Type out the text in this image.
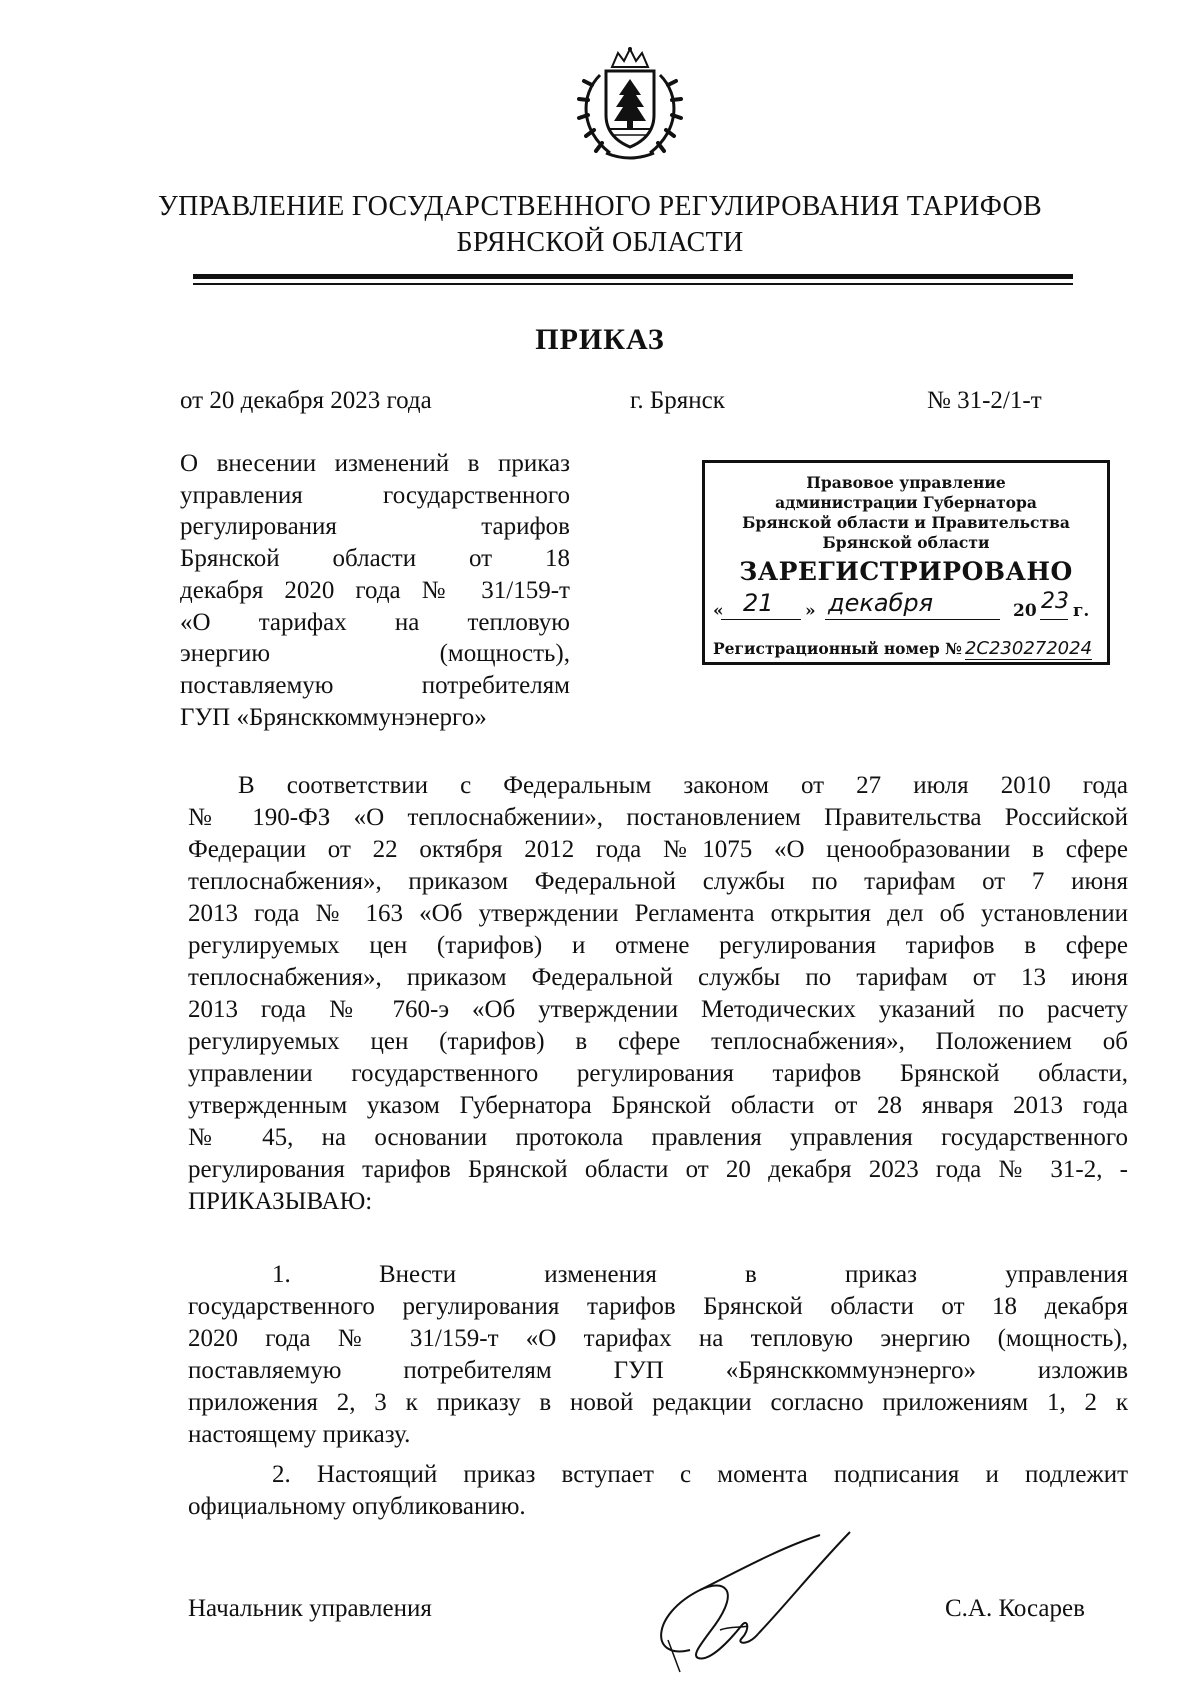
УПРАВЛЕНИЕ ГОСУДАРСТВЕННОГО РЕГУЛИРОВАНИЯ ТАРИФОВ
БРЯНСКОЙ ОБЛАСТИ
ПРИКАЗ
от 20 декабря 2023 года	г. Брянск	№ 31-2/1-т
О внесении изменений в приказ
управления государственного
регулирования тарифов
Брянской области от 18
декабря 2020 года № 31/159-т
«О тарифах на тепловую
энергию (мощность),
поставляемую потребителям
ГУП «Брянсккоммунэнерго»
Правовое управление
администрации Губернатора
Брянской области и Правительства
Брянской области
ЗАРЕГИСТРИРОВАНО
« 21 » декабря	20 23 г.
Регистрационный номер № 2С230272024
В соответствии с Федеральным законом от 27 июля 2010 года
№ 190-ФЗ «О теплоснабжении», постановлением Правительства Российской
Федерации от 22 октября 2012 года №1075 «О ценообразовании в сфере
теплоснабжения», приказом Федеральной службы по тарифам от 7 июня
2013 года № 163 «Об утверждении Регламента открытия дел об установлении
регулируемых цен (тарифов) и отмене регулирования тарифов в сфере
теплоснабжения», приказом Федеральной службы по тарифам от 13 июня
2013 года № 760-э «Об утверждении Методических указаний по расчету
регулируемых цен (тарифов) в сфере теплоснабжения», Положением об
управлении государственного регулирования тарифов Брянской области,
утвержденным указом Губернатора Брянской области от 28 января 2013 года
№ 45, на основании протокола правления управления государственного
регулирования тарифов Брянской области от 20 декабря 2023 года № 31-2, -
ПРИКАЗЫВАЮ:
1. Внести изменения в приказ управления
государственного регулирования тарифов Брянской области от 18 декабря
2020 года № 31/159-т «О тарифах на тепловую энергию (мощность),
поставляемую потребителям ГУП «Брянсккоммунэнерго» изложив
приложения 2, 3 к приказу в новой редакции согласно приложениям 1, 2 к
настоящему приказу.
2. Настоящий приказ вступает с момента подписания и подлежит
официальному опубликованию.
Начальник управления	С.А. Косарев
